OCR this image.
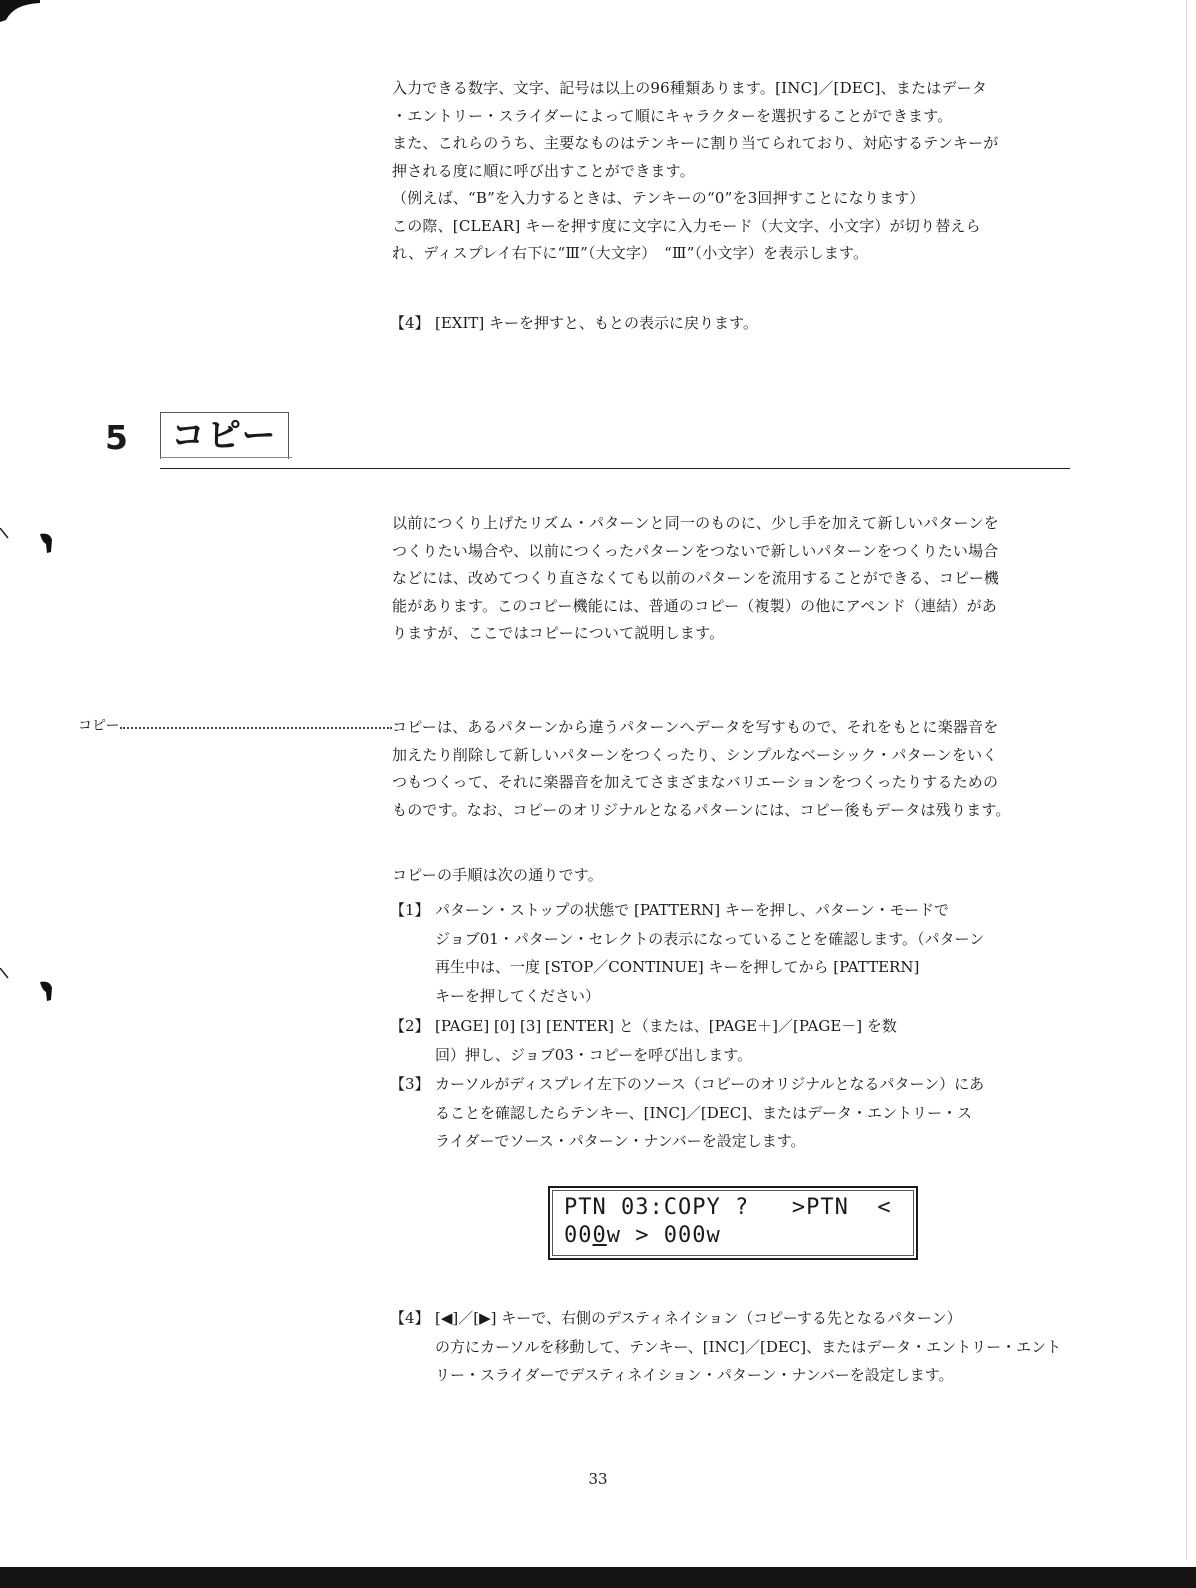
入力できる数字、文字、記号は以上の96種類あります。[INC]／[DEC]、またはデータ
・エントリー・スライダーによって順にキャラクターを選択することができます。
また、これらのうち、主要なものはテンキーに割り当てられており、対応するテンキーが
押される度に順に呼び出すことができます。
（例えば、“B”を入力するときは、テンキーの“0”を3回押すことになります）
この際、[CLEAR] キーを押す度に文字に入力モード（大文字、小文字）が切り替えら
れ、ディスプレイ右下に“Ⅲ”（大文字）　“Ⅲ”（小文字）を表示します。
【4】 [EXIT] キーを押すと、もとの表示に戻ります。
5	コピー
以前につくり上げたリズム・パターンと同一のものに、少し手を加えて新しいパターンを
つくりたい場合や、以前につくったパターンをつないで新しいパターンをつくりたい場合
などには、改めてつくり直さなくても以前のパターンを流用することができる、コピー機
能があります。このコピー機能には、普通のコピー（複製）の他にアペンド（連結）があ
りますが、ここではコピーについて説明します。
コピー	コピーは、あるパターンから違うパターンへデータを写すもので、それをもとに楽器音を
加えたり削除して新しいパターンをつくったり、シンプルなベーシック・パターンをいく
つもつくって、それに楽器音を加えてさまざまなバリエーションをつくったりするための
ものです。なお、コピーのオリジナルとなるパターンには、コピー後もデータは残ります。
コピーの手順は次の通りです。
【1】 パターン・ストップの状態で [PATTERN] キーを押し、パターン・モードで
ジョブ01・パターン・セレクトの表示になっていることを確認します。（パターン
再生中は、一度 [STOP／CONTINUE] キーを押してから [PATTERN]
キーを押してください）
【2】 [PAGE] [0] [3] [ENTER] と（または、[PAGE＋]／[PAGE－] を数
回）押し、ジョブ03・コピーを呼び出します。
【3】 カーソルがディスプレイ左下のソース（コピーのオリジナルとなるパターン）にあ
ることを確認したらテンキー、[INC]／[DEC]、またはデータ・エントリー・ス
ライダーでソース・パターン・ナンバーを設定します。
PTN 03:COPY ?   >PTN  <
000w > 000w
【4】 [◀]／[▶] キーで、右側のデスティネイション（コピーする先となるパターン）
の方にカーソルを移動して、テンキー、[INC]／[DEC]、またはデータ・エントリー・エント
リー・スライダーでデスティネイション・パターン・ナンバーを設定します。
33
